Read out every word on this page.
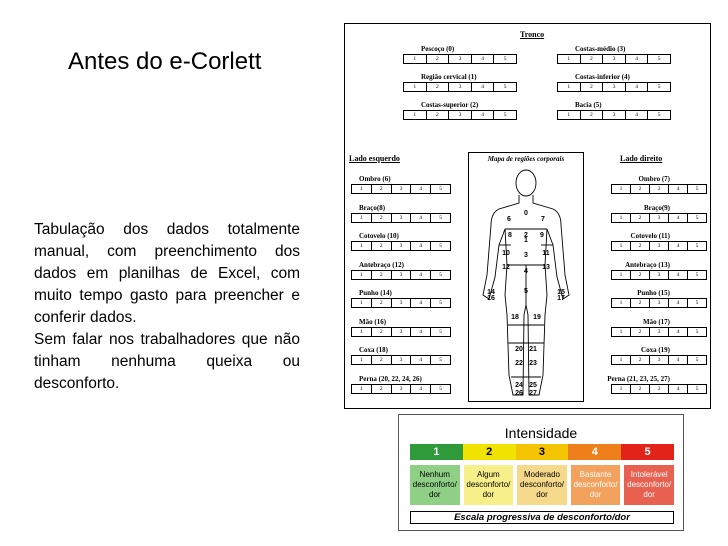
Antes do e-Corlett
Tabulação dos dados totalmente manual, com preenchimento dos dados em planilhas de Excel, com muito tempo gasto para preencher e conferir dados.
Sem falar nos trabalhadores que não tinham nenhuma queixa ou desconforto.
Tronco
Lado esquerdo	Lado direito
Mapa de regiões corporais
0
1
2
3
4
5
6	7
8	9
10	11
12	13
14	15
16	17
18 19
20 21
22 23
24 25
26 27
Pescoço (0)
1	2	3	4	5
Região cervical (1)
1	2	3	4	5
Costas-superior (2)
1	2	3	4	5
Costas-médio (3)
1	2	3	4	5
Costas-inferior (4)
1	2	3	4	5
Bacia (5)
1	2	3	4	5
Ombro (6)
1	2	3	4	5
Braço(8)
1	2	3	4	5
Cotovelo (10)
1	2	3	4	5
Antebraço (12)
1	2	3	4	5
Punho (14)
1	2	3	4	5
Mão (16)
1	2	3	4	5
Coxa (18)
1	2	3	4	5
Perna (20, 22, 24, 26)
1	2	3	4	5
Ombro (7)
1	2	3	4	5
Braço(9)
1	2	3	4	5
Cotovelo (11)
1	2	3	4	5
Antebraço (13)
1	2	3	4	5
Punho (15)
1	2	3	4	5
Mão (17)
1	2	3	4	5
Coxa (19)
1	2	3	4	5
Perna (21, 23, 25, 27)
1	2	3	4	5
Intensidade
1	2	3	4	5
Nenhum desconforto/ dor
Algum desconforto/ dor
Moderado desconforto/ dor
Bastante desconforto/ dor
Intolerável desconforto/ dor
Escala progressiva de desconforto/dor
